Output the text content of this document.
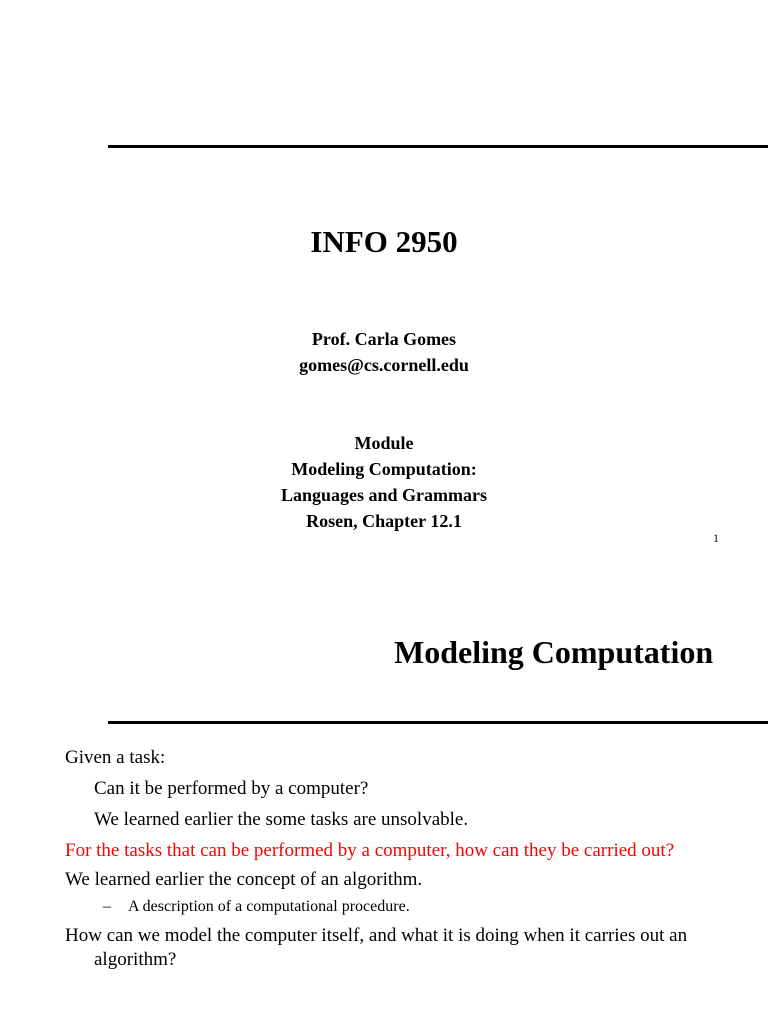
INFO 2950
Prof. Carla Gomes
gomes@cs.cornell.edu
Module
Modeling Computation:
Languages and Grammars
Rosen, Chapter 12.1
1
Modeling Computation
Given a task:
Can it be performed by a computer?
We learned earlier the some tasks are unsolvable.
For the tasks that can be performed by a computer, how can they be carried out?
We learned earlier the concept of an algorithm.
– A description of a computational procedure.
How can we model the computer itself, and what it is doing when it carries out an algorithm?
